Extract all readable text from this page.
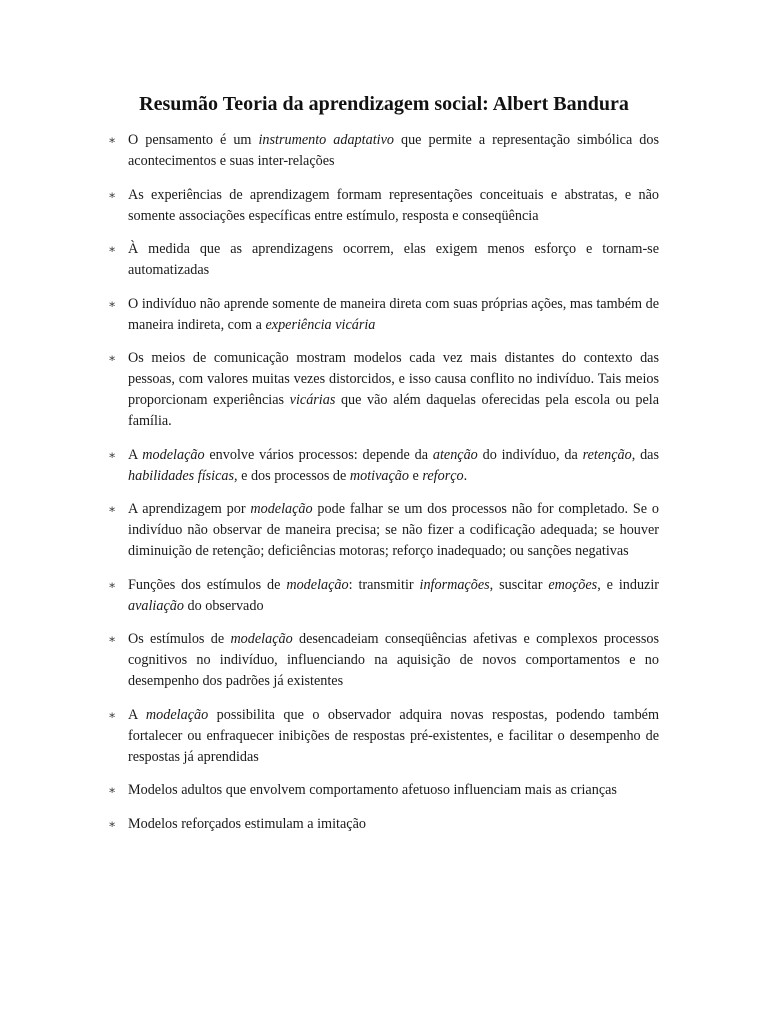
Resumão Teoria da aprendizagem social: Albert Bandura
∗ O pensamento é um instrumento adaptativo que permite a representação simbólica dos acontecimentos e suas inter-relações
∗ As experiências de aprendizagem formam representações conceituais e abstratas, e não somente associações específicas entre estímulo, resposta e conseqüência
∗ À medida que as aprendizagens ocorrem, elas exigem menos esforço e tornam-se automatizadas
∗ O indivíduo não aprende somente de maneira direta com suas próprias ações, mas também de maneira indireta, com a experiência vicária
∗ Os meios de comunicação mostram modelos cada vez mais distantes do contexto das pessoas, com valores muitas vezes distorcidos, e isso causa conflito no indivíduo. Tais meios proporcionam experiências vicárias que vão além daquelas oferecidas pela escola ou pela família.
∗ A modelação envolve vários processos: depende da atenção do indivíduo, da retenção, das habilidades físicas, e dos processos de motivação e reforço.
∗ A aprendizagem por modelação pode falhar se um dos processos não for completado. Se o indivíduo não observar de maneira precisa; se não fizer a codificação adequada; se houver diminuição de retenção; deficiências motoras; reforço inadequado; ou sanções negativas
∗ Funções dos estímulos de modelação: transmitir informações, suscitar emoções, e induzir avaliação do observado
∗ Os estímulos de modelação desencadeiam conseqüências afetivas e complexos processos cognitivos no indivíduo, influenciando na aquisição de novos comportamentos e no desempenho dos padrões já existentes
∗ A modelação possibilita que o observador adquira novas respostas, podendo também fortalecer ou enfraquecer inibições de respostas pré-existentes, e facilitar o desempenho de respostas já aprendidas
∗ Modelos adultos que envolvem comportamento afetuoso influenciam mais as crianças
∗ Modelos reforçados estimulam a imitação
